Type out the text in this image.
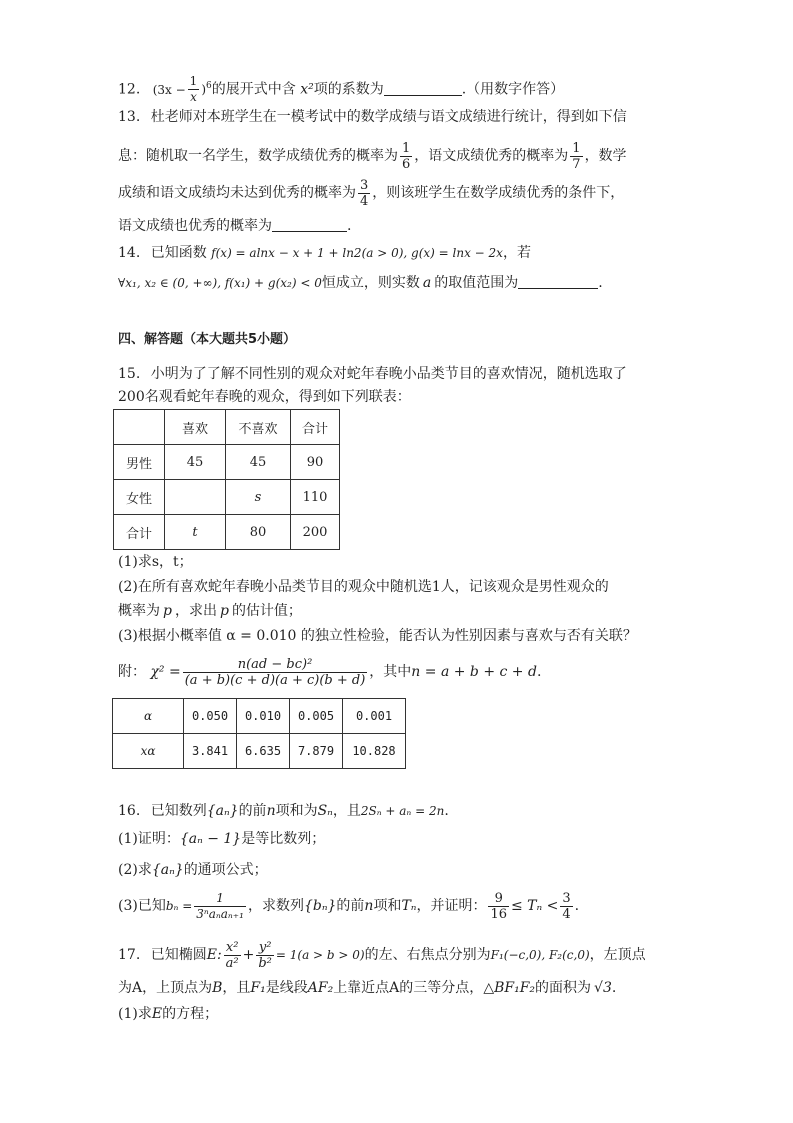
12. $(3x - \frac{1}{x} )^6$的展开式中含 x²项的系数为	.（用数字作答）
13. 杜老师对本班学生在一模考试中的数学成绩与语文成绩进行统计，得到如下信
息：随机取一名学生，数学成绩优秀的概率为 $\frac{1}{6}$ ，语文成绩优秀的概率为 $\frac{1}{7}$ ，数学
成绩和语文成绩均未达到优秀的概率为 $\frac{3}{4}$ ，则该班学生在数学成绩优秀的条件下，
语文成绩也优秀的概率为	.
14. 已知函数 f(x) = alnx − x + 1 + ln2(a > 0), g(x) = lnx − 2x，若
∀x₁, x₂ ∈ (0, +∞), f(x₁) + g(x₂) < 0恒成立，则实数 a 的取值范围为	.
四、解答题（本大题共5小题）
15. 小明为了了解不同性别的观众对蛇年春晚小品类节目的喜欢情况，随机选取了
200名观看蛇年春晚的观众，得到如下列联表：
	喜欢	不喜欢	合计
男性	45	45	90
女性		s	110
合计	t	80	200
(1)求s，t；
(2)在所有喜欢蛇年春晚小品类节目的观众中随机选1人，记该观众是男性观众的
概率为 p ，求出 p 的估计值；
(3)根据小概率值 α = 0.010 的独立性检验，能否认为性别因素与喜欢与否有关联？
附： $\chi^2 = \frac{\text{n(ad − bc)²}}{(a + b)(c + d)(a + c)(b + d)}$ ，其中n = a + b + c + d.
α	0.050	0.010	0.005	0.001
xα	3.841	6.635	7.879	10.828
16. 已知数列{aₙ}的前n项和为Sₙ，且2Sₙ + aₙ = 2n.
(1)证明：{aₙ − 1}是等比数列；
(2)求{aₙ}的通项公式；
(3)已知$b_n = \frac{1}{\text{3ⁿaₙaₙ₊₁}}$ ，求数列{bₙ}的前n项和Tₙ，并证明： $\frac{9}{16} \le T_n < \frac{3}{4}$ .
17. 已知椭圆E: $\frac{\text{x²}}{\text{a²}} + \frac{\text{y²}}{\text{b²}} = 1(a > b > 0)$的左、右焦点分别为F₁(−c,0), F₂(c,0)，左顶点
为A，上顶点为B，且F₁是线段AF₂上靠近点A的三等分点，△BF₁F₂的面积为 √3.
(1)求E的方程；
